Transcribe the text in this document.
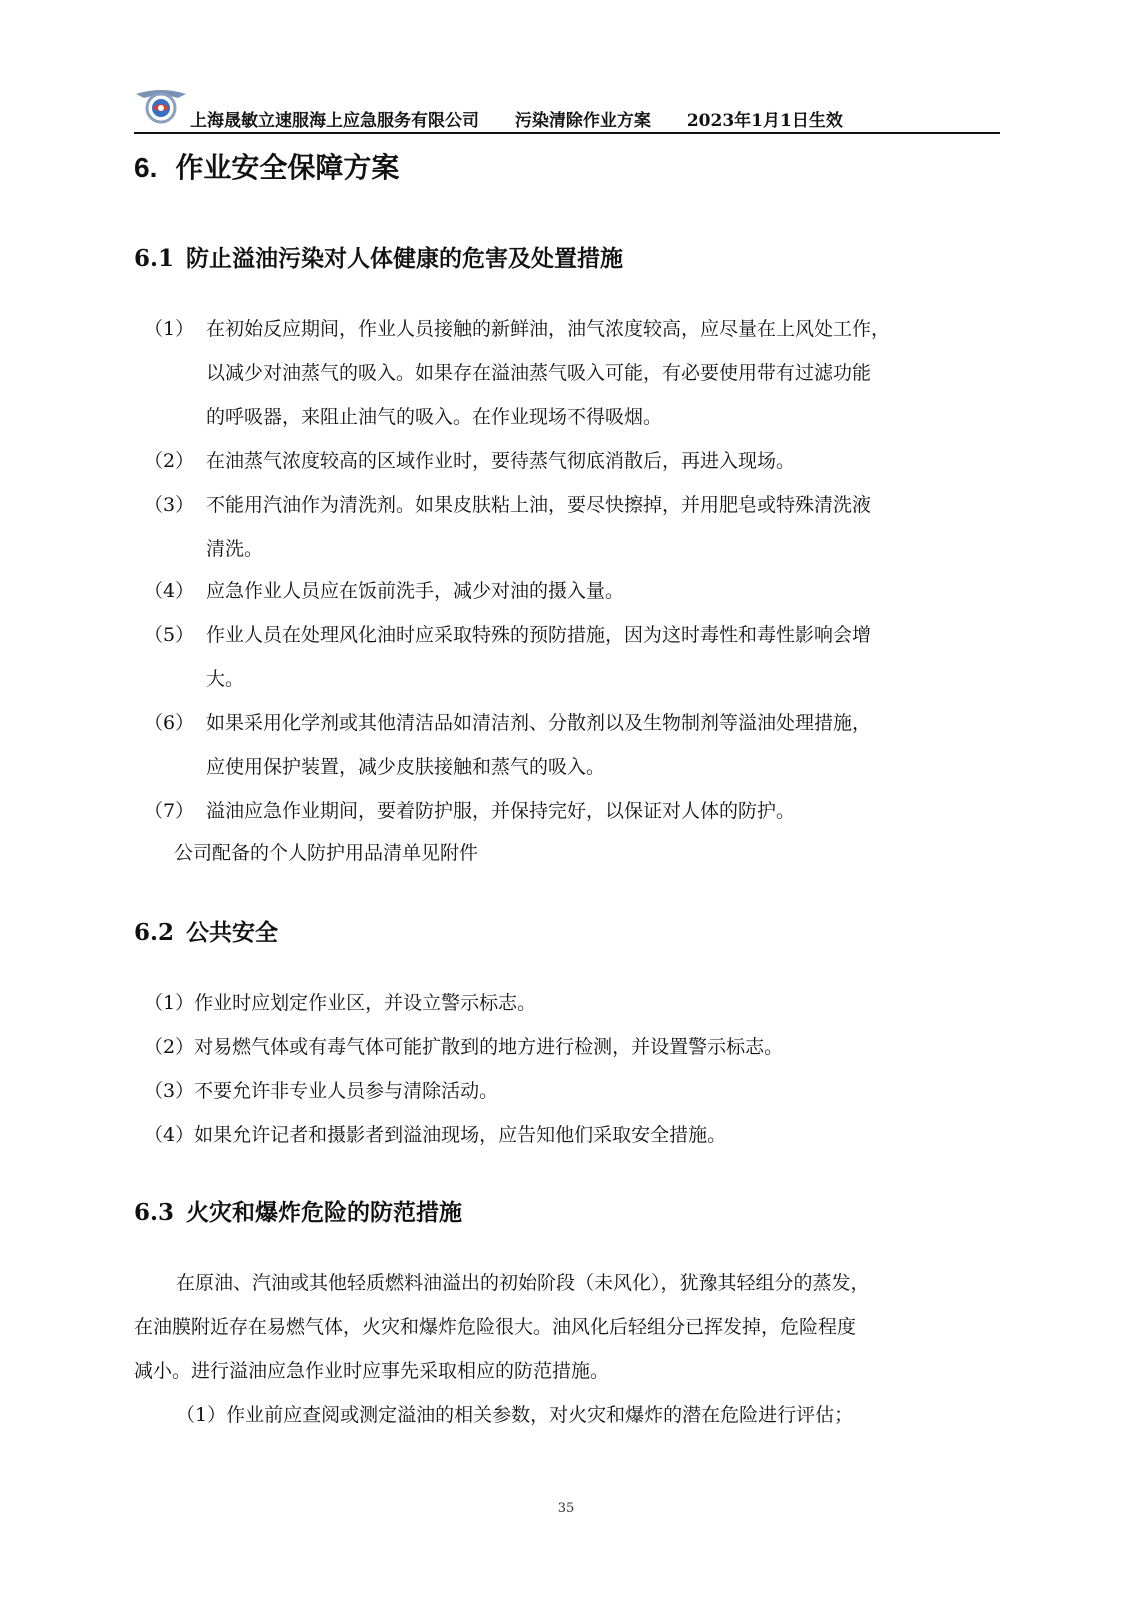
上海晟敏立速服海上应急服务有限公司 污染清除作业方案 2023年1月1日生效
6. 作业安全保障方案
6.1 防止溢油污染对人体健康的危害及处置措施
（1） 在初始反应期间，作业人员接触的新鲜油，油气浓度较高，应尽量在上风处工作，
以减少对油蒸气的吸入。如果存在溢油蒸气吸入可能，有必要使用带有过滤功能
的呼吸器，来阻止油气的吸入。在作业现场不得吸烟。
（2） 在油蒸气浓度较高的区域作业时，要待蒸气彻底消散后，再进入现场。
（3） 不能用汽油作为清洗剂。如果皮肤粘上油，要尽快擦掉，并用肥皂或特殊清洗液
清洗。
（4） 应急作业人员应在饭前洗手，减少对油的摄入量。
（5） 作业人员在处理风化油时应采取特殊的预防措施，因为这时毒性和毒性影响会增
大。
（6） 如果采用化学剂或其他清洁品如清洁剂、分散剂以及生物制剂等溢油处理措施，
应使用保护装置，减少皮肤接触和蒸气的吸入。
（7） 溢油应急作业期间，要着防护服，并保持完好，以保证对人体的防护。
公司配备的个人防护用品清单见附件
6.2 公共安全
（1）作业时应划定作业区，并设立警示标志。
（2）对易燃气体或有毒气体可能扩散到的地方进行检测，并设置警示标志。
（3）不要允许非专业人员参与清除活动。
（4）如果允许记者和摄影者到溢油现场，应告知他们采取安全措施。
6.3 火灾和爆炸危险的防范措施
在原油、汽油或其他轻质燃料油溢出的初始阶段（未风化），犹豫其轻组分的蒸发，
在油膜附近存在易燃气体，火灾和爆炸危险很大。油风化后轻组分已挥发掉，危险程度
减小。进行溢油应急作业时应事先采取相应的防范措施。
（1）作业前应查阅或测定溢油的相关参数，对火灾和爆炸的潜在危险进行评估；
35
